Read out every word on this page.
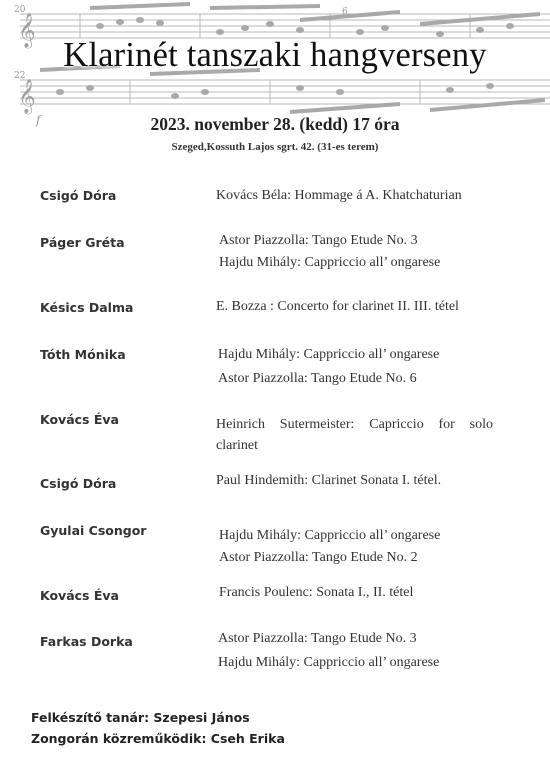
20	6
22
f
𝄞
𝄞
Klarinét tanszaki hangverseny
2023. november 28. (kedd) 17 óra
Szeged,Kossuth Lajos sgrt. 42. (31-es terem)
Csigó Dóra	Kovács Béla: Hommage á A. Khatchaturian
Páger Gréta	Astor Piazzolla: Tango Etude No. 3
Hajdu Mihály: Cappriccio all’ ongarese
Késics Dalma	E. Bozza : Concerto for clarinet II. III. tétel
Tóth Mónika	Hajdu Mihály: Cappriccio all’ ongarese
Astor Piazzolla: Tango Etude No. 6
Kovács Éva	Heinrich Sutermeister: Capriccio for solo clarinet
Csigó Dóra	Paul Hindemith: Clarinet Sonata I. tétel.
Gyulai Csongor	Hajdu Mihály: Cappriccio all’ ongarese
Astor Piazzolla: Tango Etude No. 2
Kovács Éva	Francis Poulenc: Sonata I., II. tétel
Farkas Dorka	Astor Piazzolla: Tango Etude No. 3
Hajdu Mihály: Cappriccio all’ ongarese
Felkészítő tanár: Szepesi János
Zongorán közreműködik: Cseh Erika
